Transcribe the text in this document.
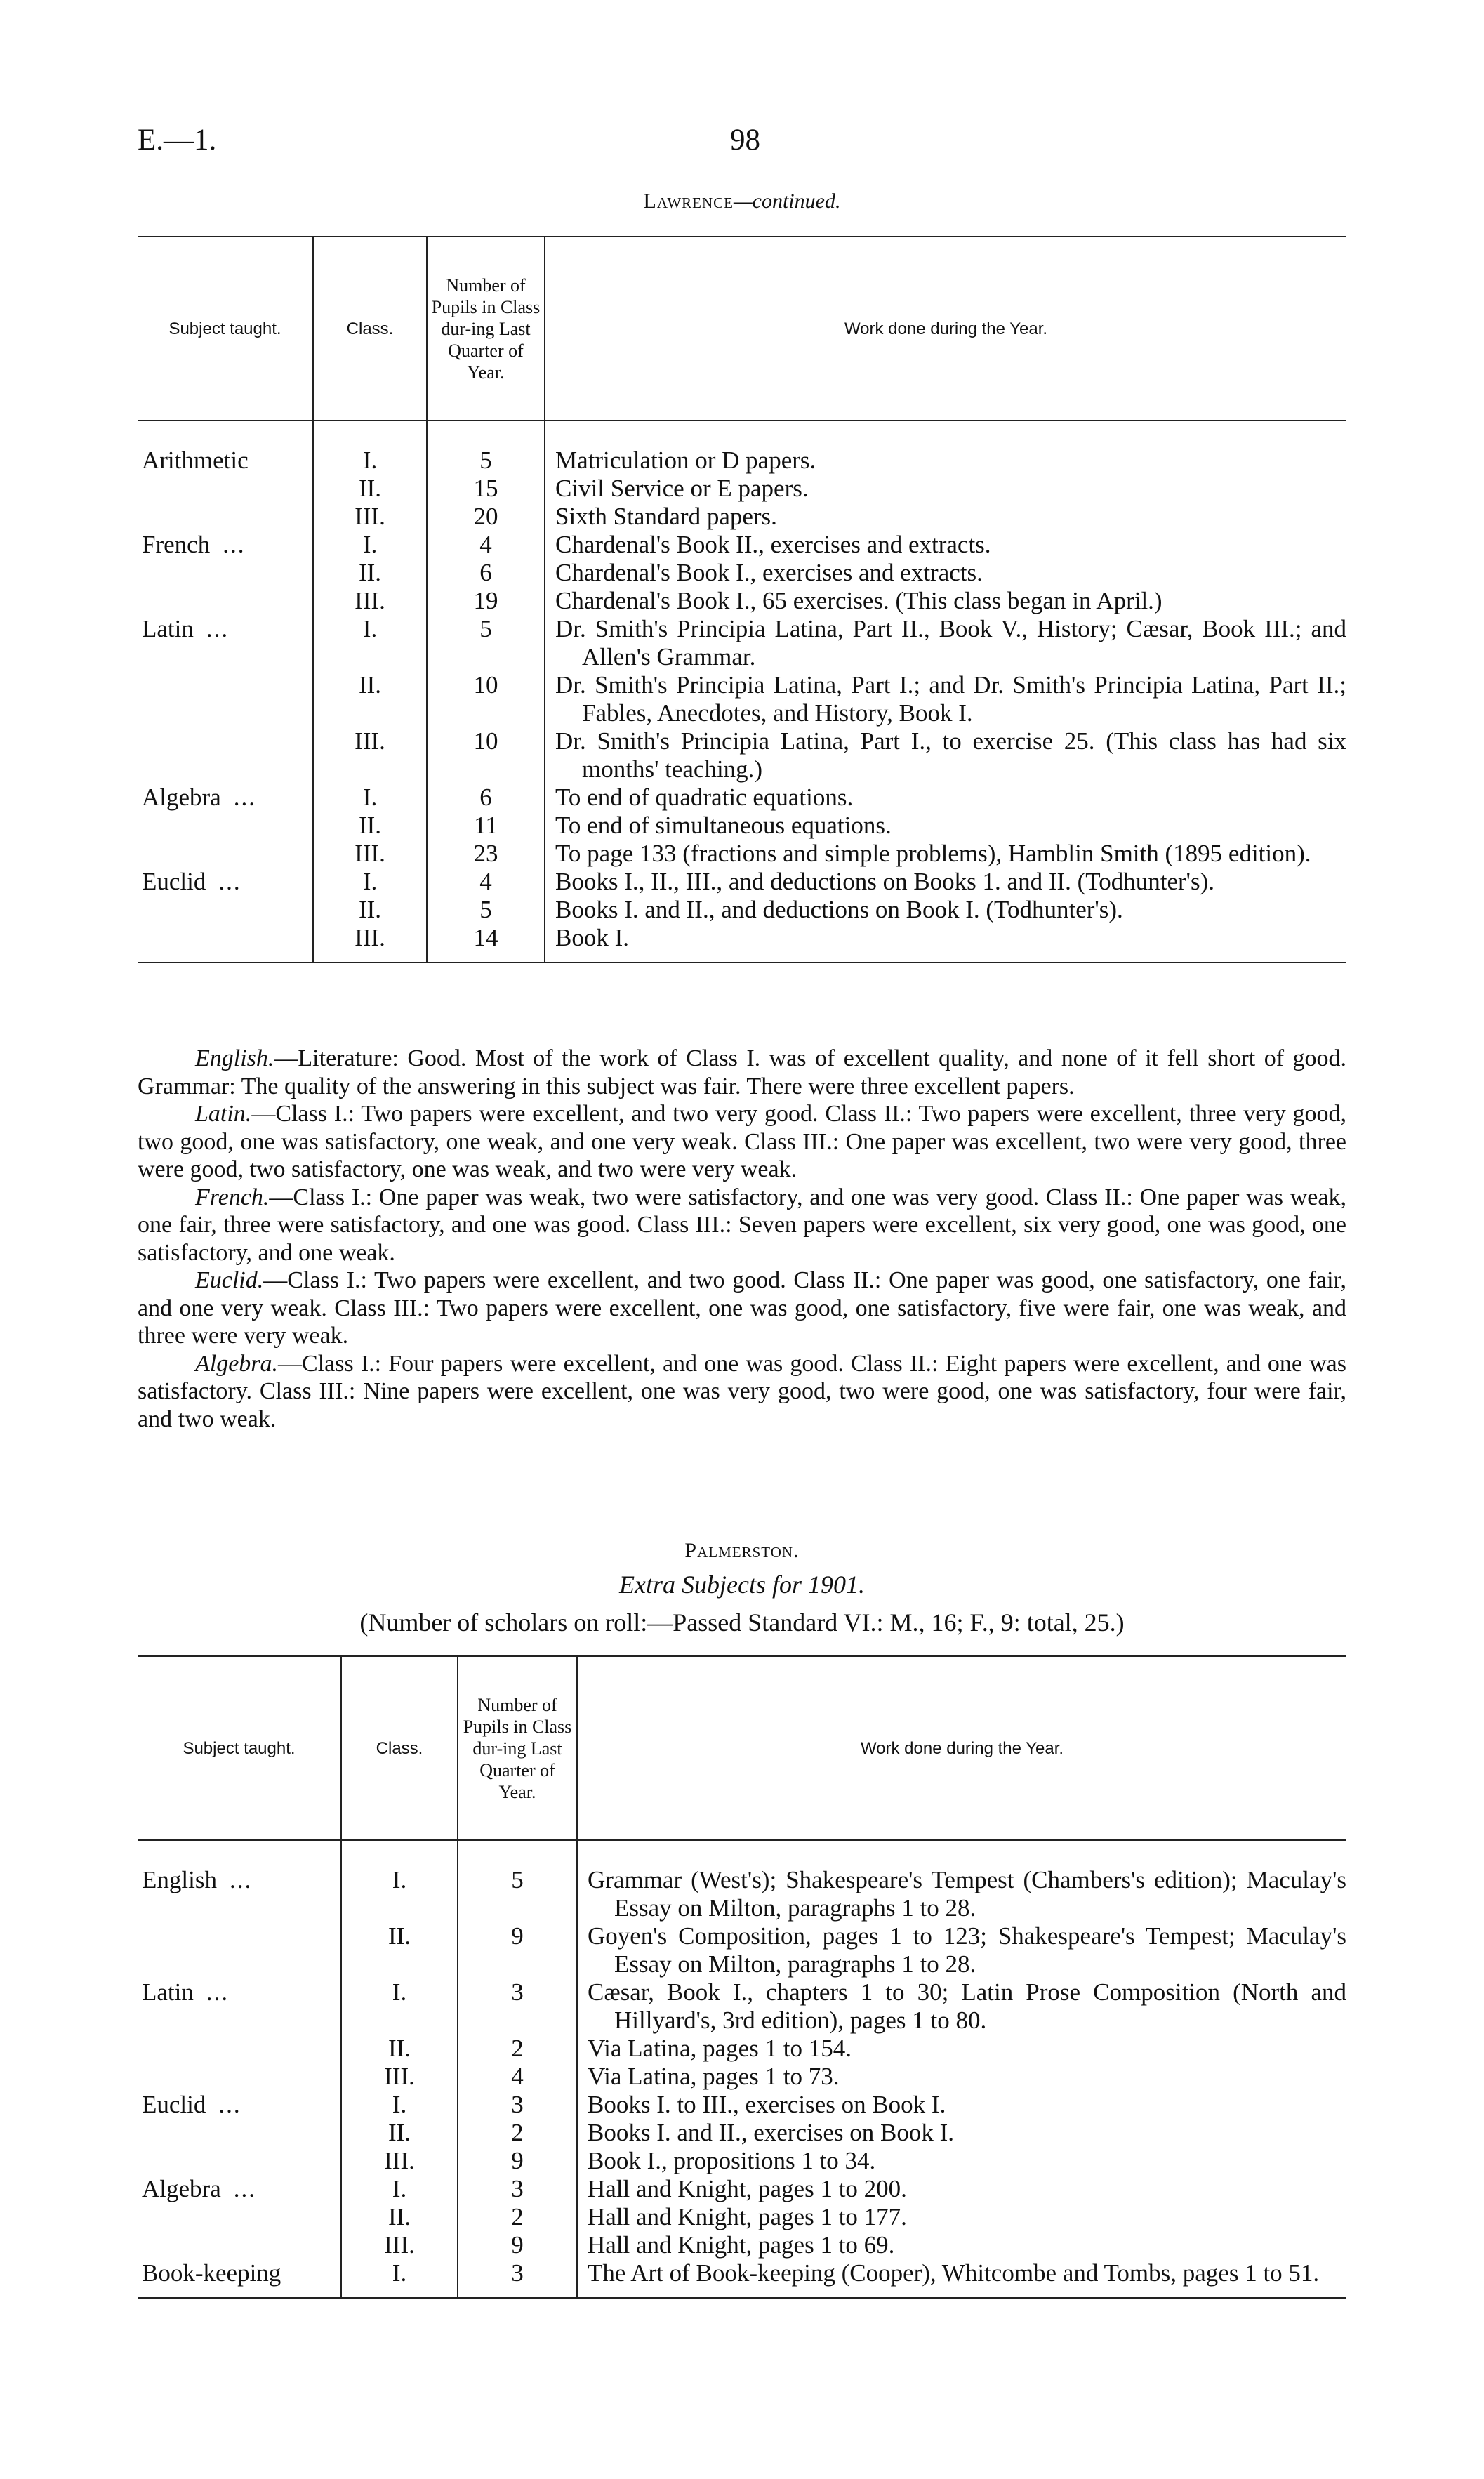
E.—1.	98
Lawrence—continued.
Subject taught.	Class.	Number of Pupils in Class dur-ing Last Quarter of Year.	Work done during the Year.

Arithmetic	I.	5	Matriculation or D papers.

	II.	15	Civil Service or E papers.

	III.	20	Sixth Standard papers.

French ...	I.	4	Chardenal's Book II., exercises and extracts.

	II.	6	Chardenal's Book I., exercises and extracts.

	III.	19	Chardenal's Book I., 65 exercises. (This class began in April.)

Latin ...	I.	5	Dr. Smith's Principia Latina, Part II., Book V., History; Cæsar, Book III.; and Allen's Grammar.

	II.	10	Dr. Smith's Principia Latina, Part I.; and Dr. Smith's Principia Latina, Part II.; Fables, Anecdotes, and History, Book I.

	III.	10	Dr. Smith's Principia Latina, Part I., to exercise 25. (This class has had six months' teaching.)

Algebra ...	I.	6	To end of quadratic equations.

	II.	11	To end of simultaneous equations.

	III.	23	To page 133 (fractions and simple problems), Hamblin Smith (1895 edition).

Euclid ...	I.	4	Books I., II., III., and deductions on Books 1. and II. (Todhunter's).

	II.	5	Books I. and II., and deductions on Book I. (Todhunter's).

	III.	14	Book I.

English.—Literature: Good. Most of the work of Class I. was of excellent quality, and none of it fell short of good. Grammar: The quality of the answering in this subject was fair. There were three excellent papers.

Latin.—Class I.: Two papers were excellent, and two very good. Class II.: Two papers were excellent, three very good, two good, one was satisfactory, one weak, and one very weak. Class III.: One paper was excellent, two were very good, three were good, two satisfactory, one was weak, and two were very weak.

French.—Class I.: One paper was weak, two were satisfactory, and one was very good. Class II.: One paper was weak, one fair, three were satisfactory, and one was good. Class III.: Seven papers were excellent, six very good, one was good, one satisfactory, and one weak.

Euclid.—Class I.: Two papers were excellent, and two good. Class II.: One paper was good, one satisfactory, one fair, and one very weak. Class III.: Two papers were excellent, one was good, one satisfactory, five were fair, one was weak, and three were very weak.

Algebra.—Class I.: Four papers were excellent, and one was good. Class II.: Eight papers were excellent, and one was satisfactory. Class III.: Nine papers were excellent, one was very good, two were good, one was satisfactory, four were fair, and two weak.

Palmerston.
Extra Subjects for 1901.
(Number of scholars on roll:—Passed Standard VI.: M., 16; F., 9: total, 25.)
Subject taught.	Class.	Number of Pupils in Class dur-ing Last Quarter of Year.	Work done during the Year.

English ...	I.	5	Grammar (West's); Shakespeare's Tempest (Chambers's edition); Maculay's Essay on Milton, paragraphs 1 to 28.

	II.	9	Goyen's Composition, pages 1 to 123; Shakespeare's Tempest; Maculay's Essay on Milton, paragraphs 1 to 28.

Latin ...	I.	3	Cæsar, Book I., chapters 1 to 30; Latin Prose Composition (North and Hillyard's, 3rd edition), pages 1 to 80.

	II.	2	Via Latina, pages 1 to 154.

	III.	4	Via Latina, pages 1 to 73.

Euclid ...	I.	3	Books I. to III., exercises on Book I.

	II.	2	Books I. and II., exercises on Book I.

	III.	9	Book I., propositions 1 to 34.

Algebra ...	I.	3	Hall and Knight, pages 1 to 200.

	II.	2	Hall and Knight, pages 1 to 177.

	III.	9	Hall and Knight, pages 1 to 69.

Book-keeping	I.	3	The Art of Book-keeping (Cooper), Whitcombe and Tombs, pages 1 to 51.
